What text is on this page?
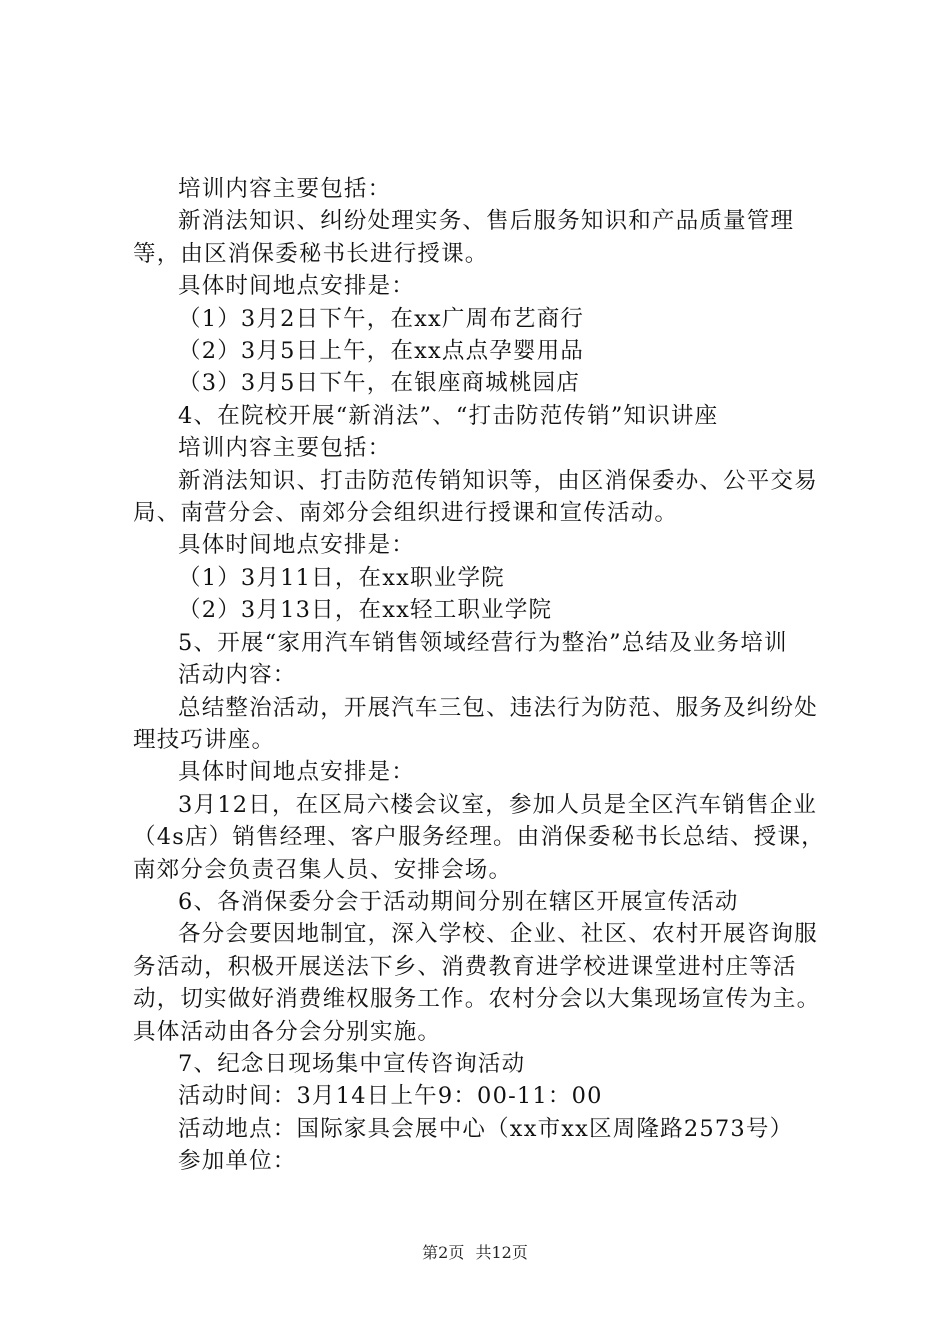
培训内容主要包括：

新消法知识、纠纷处理实务、售后服务知识和产品质量管理等，由区消保委秘书长进行授课。

具体时间地点安排是：

（1）3月2日下午，在xx广周布艺商行

（2）3月5日上午，在xx点点孕婴用品

（3）3月5日下午，在银座商城桃园店

4、在院校开展“新消法”、“打击防范传销”知识讲座

培训内容主要包括：

新消法知识、打击防范传销知识等，由区消保委办、公平交易局、南营分会、南郊分会组织进行授课和宣传活动。

具体时间地点安排是：

（1）3月11日，在xx职业学院

（2）3月13日，在xx轻工职业学院

5、开展“家用汽车销售领域经营行为整治”总结及业务培训

活动内容：

总结整治活动，开展汽车三包、违法行为防范、服务及纠纷处理技巧讲座。

具体时间地点安排是：

3月12日，在区局六楼会议室，参加人员是全区汽车销售企业（4s店）销售经理、客户服务经理。由消保委秘书长总结、授课，南郊分会负责召集人员、安排会场。

6、各消保委分会于活动期间分别在辖区开展宣传活动

各分会要因地制宜，深入学校、企业、社区、农村开展咨询服务活动，积极开展送法下乡、消费教育进学校进课堂进村庄等活动，切实做好消费维权服务工作。农村分会以大集现场宣传为主。具体活动由各分会分别实施。

7、纪念日现场集中宣传咨询活动

活动时间：3月14日上午9：00-11：00

活动地点：国际家具会展中心（xx市xx区周隆路2573号）

参加单位：

第2页 共12页
